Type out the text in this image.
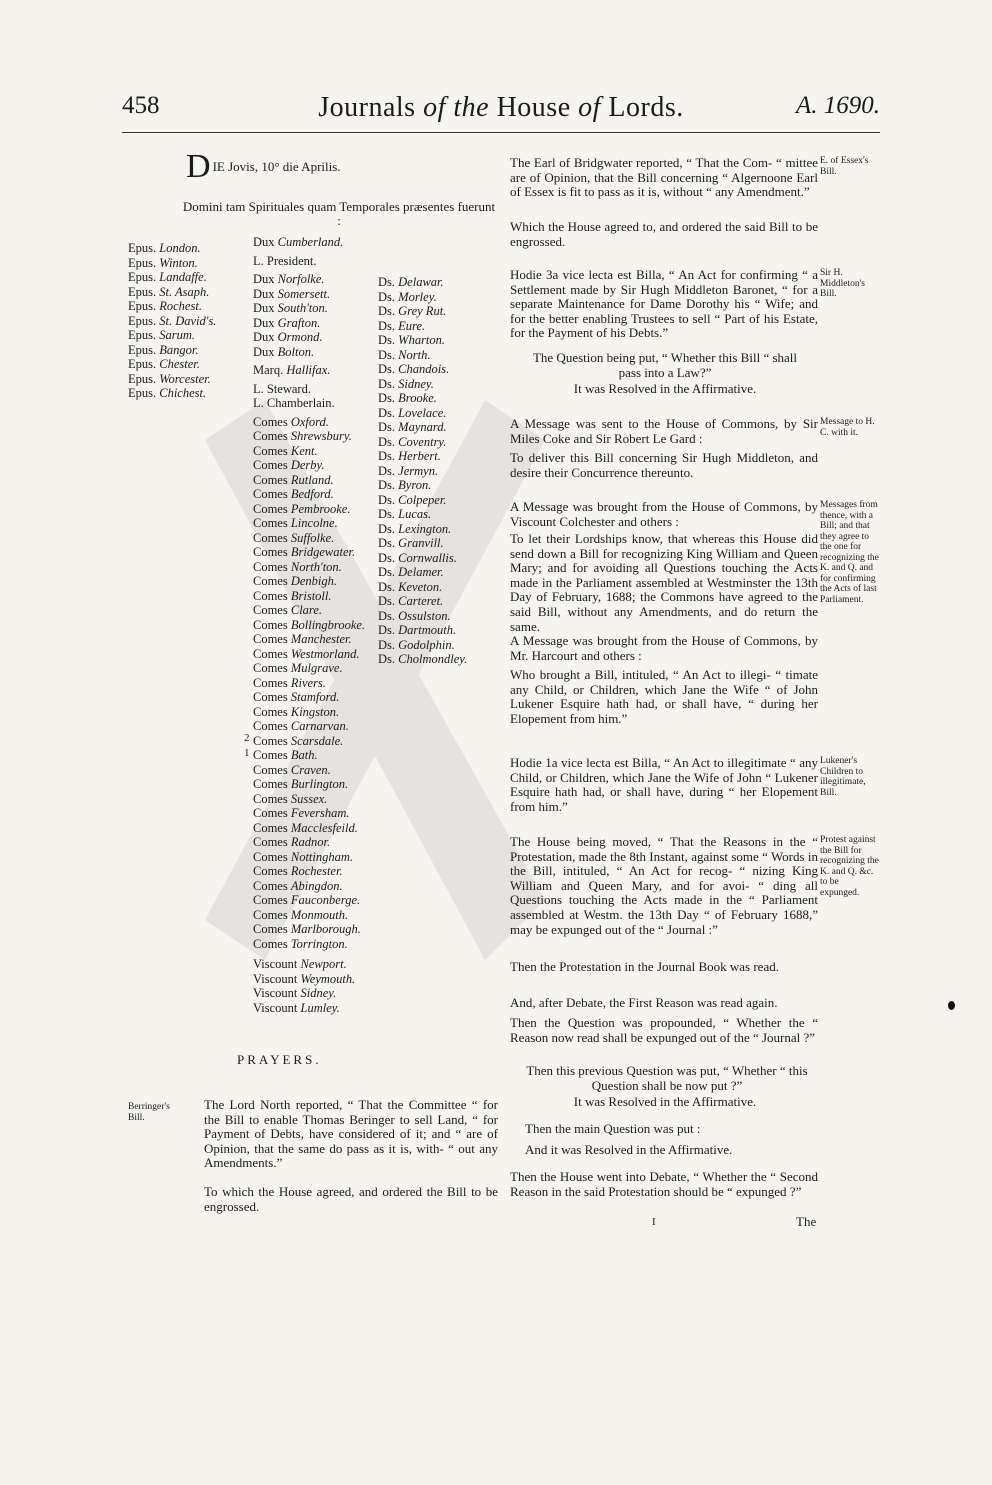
458	Journals of the House of Lords.	A. 1690.
DIE Jovis, 10° die Aprilis.
Domini tam Spirituales quam Temporales præsentes fuerunt :
Epus. London.
Epus. Winton.
Epus. Landaffe.
Epus. St. Asaph.
Epus. Rochest.
Epus. St. David's.
Epus. Sarum.
Epus. Bangor.
Epus. Chester.
Epus. Worcester.
Epus. Chichest.
Dux Cumberland.
L. President.
Dux Norfolke.
Dux Somersett.
Dux South'ton.
Dux Grafton.
Dux Ormond.
Dux Bolton.
Marq. Hallifax.
L. Steward.
L. Chamberlain.
Comes Oxford.
Comes Shrewsbury.
Comes Kent.
Comes Derby.
Comes Rutland.
Comes Bedford.
Comes Pembrooke.
Comes Lincolne.
Comes Suffolke.
Comes Bridgewater.
Comes North'ton.
Comes Denbigh.
Comes Bristoll.
Comes Clare.
Comes Bollingbrooke.
Comes Manchester.
Comes Westmorland.
Comes Mulgrave.
Comes Rivers.
Comes Stamford.
Comes Kingston.
Comes Carnarvan.
Comes Scarsdale.
Comes Bath.
Comes Craven.
Comes Burlington.
Comes Sussex.
Comes Feversham.
Comes Macclesfeild.
Comes Radnor.
Comes Nottingham.
Comes Rochester.
Comes Abingdon.
Comes Fauconberge.
Comes Monmouth.
Comes Marlborough.
Comes Torrington.
Viscount Newport.
Viscount Weymouth.
Viscount Sidney.
Viscount Lumley.
2
1
Ds. Delawar.
Ds. Morley.
Ds. Grey Rut.
Ds. Eure.
Ds. Wharton.
Ds. North.
Ds. Chandois.
Ds. Sidney.
Ds. Brooke.
Ds. Lovelace.
Ds. Maynard.
Ds. Coventry.
Ds. Herbert.
Ds. Jermyn.
Ds. Byron.
Ds. Colpeper.
Ds. Lucas.
Ds. Lexington.
Ds. Granvill.
Ds. Cornwallis.
Ds. Delamer.
Ds. Keveton.
Ds. Carteret.
Ds. Ossulston.
Ds. Dartmouth.
Ds. Godolphin.
Ds. Cholmondley.
PRAYERS.
Berringer's Bill.
The Lord North reported, “ That the Committee “ for the Bill to enable Thomas Beringer to sell Land, “ for Payment of Debts, have considered of it; and “ are of Opinion, that the same do pass as it is, with- “ out any Amendments.”
To which the House agreed, and ordered the Bill to be engrossed.
The Earl of Bridgwater reported, “ That the Com- “ mittee are of Opinion, that the Bill concerning “ Algernoone Earl of Essex is fit to pass as it is, without “ any Amendment.”
E. of Essex's Bill.
Which the House agreed to, and ordered the said Bill to be engrossed.
Hodie 3a vice lecta est Billa, “ An Act for confirming “ a Settlement made by Sir Hugh Middleton Baronet, “ for a separate Maintenance for Dame Dorothy his “ Wife; and for the better enabling Trustees to sell “ Part of his Estate, for the Payment of his Debts.”
Sir H. Middleton's Bill.
The Question being put, “ Whether this Bill “ shall pass into a Law?”
It was Resolved in the Affirmative.
A Message was sent to the House of Commons, by Sir Miles Coke and Sir Robert Le Gard :
Message to H. C. with it.
To deliver this Bill concerning Sir Hugh Middleton, and desire their Concurrence thereunto.
A Message was brought from the House of Commons, by Viscount Colchester and others :
Messages from thence, with a Bill; and that they agree to the one for recognizing the K. and Q. and for confirming the Acts of last Parliament.
To let their Lordships know, that whereas this House did send down a Bill for recognizing King William and Queen Mary; and for avoiding all Questions touching the Acts made in the Parliament assembled at Westminster the 13th Day of February, 1688; the Commons have agreed to the said Bill, without any Amendments, and do return the same.
A Message was brought from the House of Commons, by Mr. Harcourt and others :
Who brought a Bill, intituled, “ An Act to illegi- “ timate any Child, or Children, which Jane the Wife “ of John Lukener Esquire hath had, or shall have, “ during her Elopement from him.”
Hodie 1a vice lecta est Billa, “ An Act to illegitimate “ any Child, or Children, which Jane the Wife of John “ Lukener Esquire hath had, or shall have, during “ her Elopement from him.”
Lukener's Children to illegitimate, Bill.
The House being moved, “ That the Reasons in the “ Protestation, made the 8th Instant, against some “ Words in the Bill, intituled, “ An Act for recog- “ nizing King William and Queen Mary, and for avoi- “ ding all Questions touching the Acts made in the “ Parliament assembled at Westm. the 13th Day “ of February 1688,” may be expunged out of the “ Journal :”
Protest against the Bill for recognizing the K. and Q. &c. to be expunged.
Then the Protestation in the Journal Book was read.
And, after Debate, the First Reason was read again.
Then the Question was propounded, “ Whether the “ Reason now read shall be expunged out of the “ Journal ?”
Then this previous Question was put, “ Whether “ this Question shall be now put ?”
It was Resolved in the Affirmative.
Then the main Question was put :
And it was Resolved in the Affirmative.
Then the House went into Debate, “ Whether the “ Second Reason in the said Protestation should be “ expunged ?”
I	The
